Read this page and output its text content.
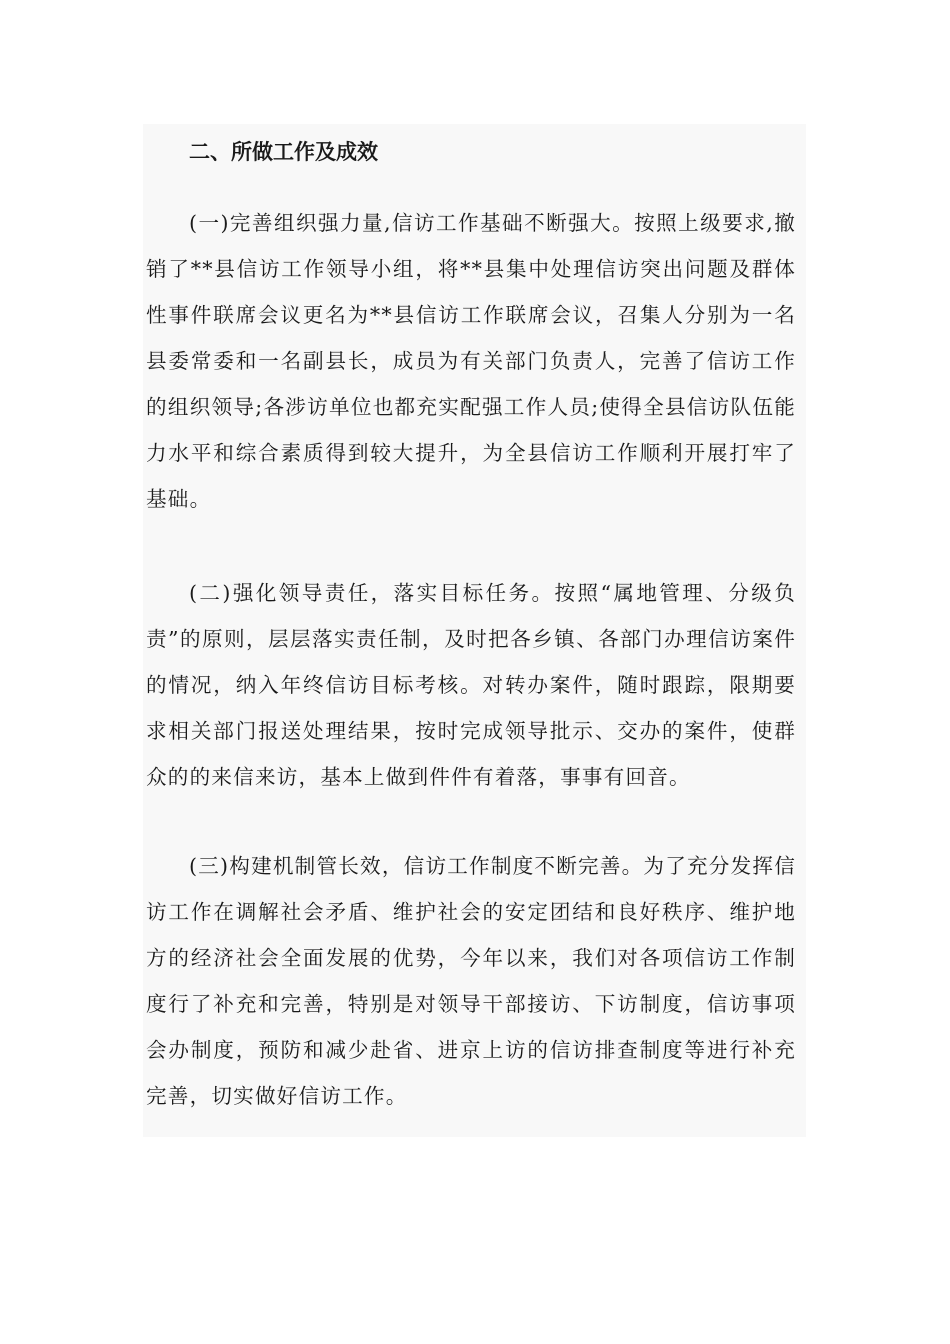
二、所做工作及成效

(一)完善组织强力量,信访工作基础不断强大。按照上级要求,撤销了**县信访工作领导小组，将**县集中处理信访突出问题及群体性事件联席会议更名为**县信访工作联席会议，召集人分别为一名县委常委和一名副县长，成员为有关部门负责人，完善了信访工作的组织领导;各涉访单位也都充实配强工作人员;使得全县信访队伍能力水平和综合素质得到较大提升，为全县信访工作顺利开展打牢了基础。

(二)强化领导责任，落实目标任务。按照“属地管理、分级负责”的原则，层层落实责任制，及时把各乡镇、各部门办理信访案件的情况，纳入年终信访目标考核。对转办案件，随时跟踪，限期要求相关部门报送处理结果，按时完成领导批示、交办的案件，使群众的的来信来访，基本上做到件件有着落，事事有回音。

(三)构建机制管长效，信访工作制度不断完善。为了充分发挥信访工作在调解社会矛盾、维护社会的安定团结和良好秩序、维护地方的经济社会全面发展的优势，今年以来，我们对各项信访工作制度行了补充和完善，特别是对领导干部接访、下访制度，信访事项会办制度，预防和减少赴省、进京上访的信访排查制度等进行补充完善，切实做好信访工作。
